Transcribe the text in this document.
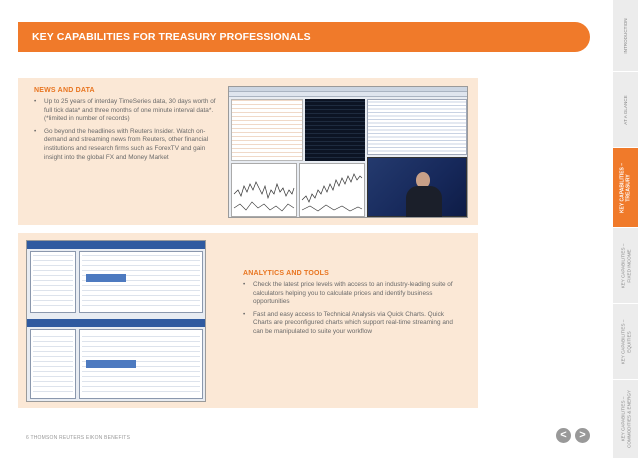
KEY CAPABILITIES FOR TREASURY PROFESSIONALS
NEWS AND DATA
• Up to 25 years of interday TimeSeries data, 30 days worth of full tick data* and three months of one minute interval data*.
(*limited in number of records)
• Go beyond the headlines with Reuters Insider. Watch on-demand and streaming news from Reuters, other financial institutions and research firms such as ForexTV and gain insight into the global FX and Money Market
ANALYTICS AND TOOLS
• Check the latest price levels with access to an industry-leading suite of calculators helping you to calculate prices and identify business opportunities
• Fast and easy access to Technical Analysis via Quick Charts. Quick Charts are preconfigured charts which support real-time streaming and can be manipulated to suite your workflow
INTRODUCTION
AT A GLANCE
KEY CAPABILITIES –
TREASURY
KEY CAPABILITIES –
FIXED INCOME
KEY CAPABILITIES –
EQUITIES
KEY CAPABILITIES –
COMMODITIES & ENERGY
6 THOMSON REUTERS EIKON BENEFITS	<	>
